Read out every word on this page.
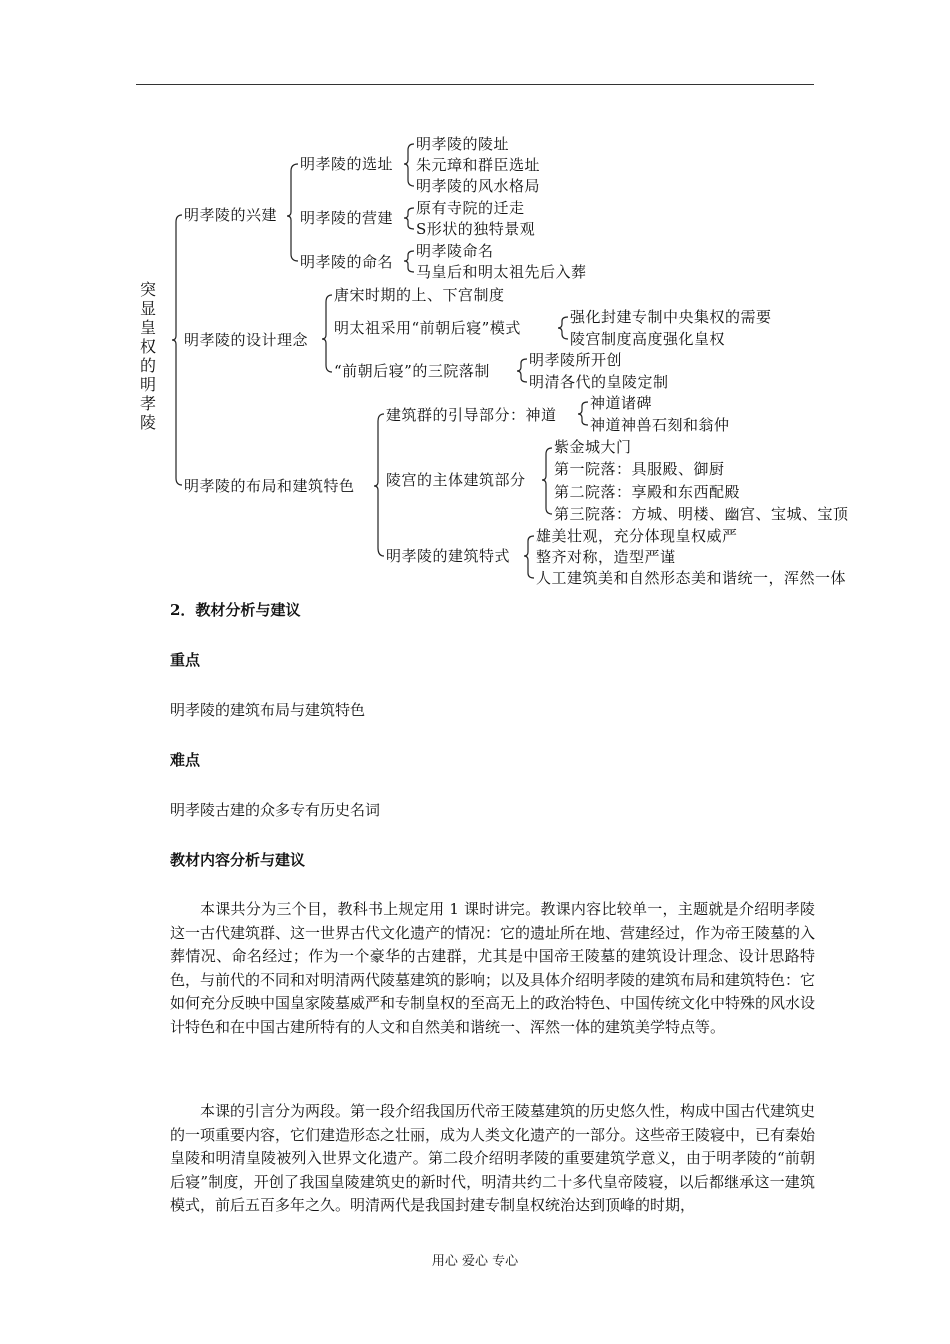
突显皇权的明孝陵
明孝陵的兴建
明孝陵的设计理念
明孝陵的布局和建筑特色
明孝陵的选址
明孝陵的陵址
朱元璋和群臣选址
明孝陵的风水格局
明孝陵的营建
原有寺院的迁走
S形状的独特景观
明孝陵的命名
明孝陵命名
马皇后和明太祖先后入葬
唐宋时期的上、下宫制度
明太祖采用“前朝后寝”模式
强化封建专制中央集权的需要
陵宫制度高度强化皇权
“前朝后寝”的三院落制
明孝陵所开创
明清各代的皇陵定制
建筑群的引导部分：神道
神道诸碑
神道神兽石刻和翁仲
陵宫的主体建筑部分
紫金城大门
第一院落：具服殿、御厨
第二院落：享殿和东西配殿
第三院落：方城、明楼、幽宫、宝城、宝顶
明孝陵的建筑特式
雄美壮观，充分体现皇权威严
整齐对称，造型严谨
人工建筑美和自然形态美和谐统一，浑然一体
2．教材分析与建议
重点
明孝陵的建筑布局与建筑特色
难点
明孝陵古建的众多专有历史名词
教材内容分析与建议
本课共分为三个目，教科书上规定用 1 课时讲完。教课内容比较单一，主题就是介绍明孝陵这一古代建筑群、这一世界古代文化遗产的情况：它的遗址所在地、营建经过，作为帝王陵墓的入葬情况、命名经过；作为一个豪华的古建群，尤其是中国帝王陵墓的建筑设计理念、设计思路特色，与前代的不同和对明清两代陵墓建筑的影响；以及具体介绍明孝陵的建筑布局和建筑特色：它如何充分反映中国皇家陵墓威严和专制皇权的至高无上的政治特色、中国传统文化中特殊的风水设计特色和在中国古建所特有的人文和自然美和谐统一、浑然一体的建筑美学特点等。
本课的引言分为两段。第一段介绍我国历代帝王陵墓建筑的历史悠久性，构成中国古代建筑史的一项重要内容，它们建造形态之壮丽，成为人类文化遗产的一部分。这些帝王陵寝中，已有秦始皇陵和明清皇陵被列入世界文化遗产。第二段介绍明孝陵的重要建筑学意义，由于明孝陵的“前朝后寝”制度，开创了我国皇陵建筑史的新时代，明清共约二十多代皇帝陵寝，以后都继承这一建筑模式，前后五百多年之久。明清两代是我国封建专制皇权统治达到顶峰的时期，
用心 爱心 专心
